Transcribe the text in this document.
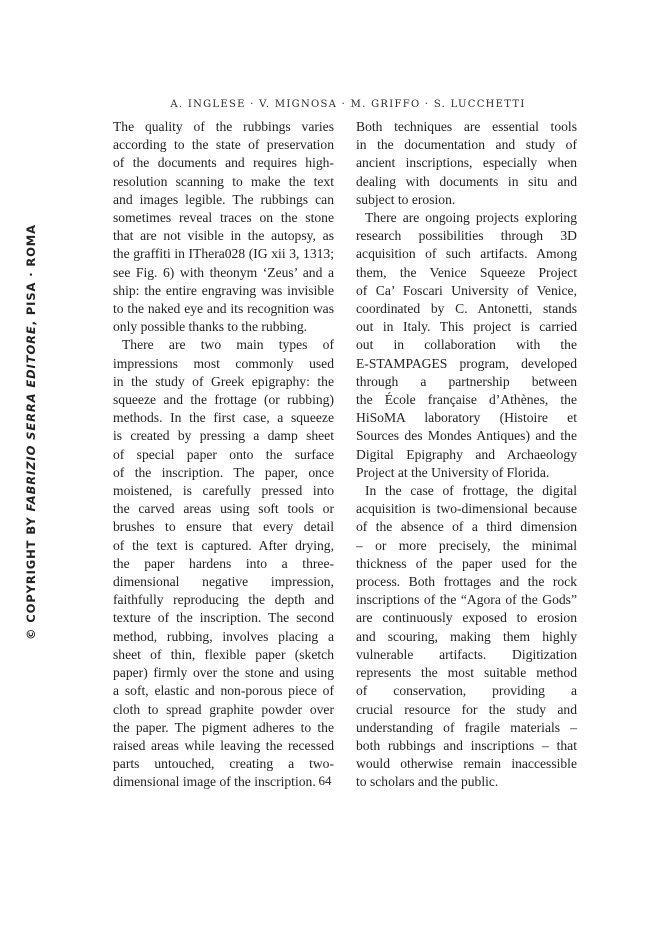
© COPYRIGHT BY FABRIZIO SERRA EDITORE, PISA · ROMA
A. INGLESE · V. MIGNOSA · M. GRIFFO · S. LUCCHETTI
The quality of the rubbings varies
according to the state of preservation
of the documents and requires high-
resolution scanning to make the text
and images legible. The rubbings can
sometimes reveal traces on the stone
that are not visible in the autopsy, as
the graffiti in IThera028 (IG xii 3, 1313;
see Fig. 6) with theonym ‘Zeus’ and a
ship: the entire engraving was invisible
to the naked eye and its recognition was
only possible thanks to the rubbing.
There are two main types of
impressions most commonly used
in the study of Greek epigraphy: the
squeeze and the frottage (or rubbing)
methods. In the first case, a squeeze
is created by pressing a damp sheet
of special paper onto the surface
of the inscription. The paper, once
moistened, is carefully pressed into
the carved areas using soft tools or
brushes to ensure that every detail
of the text is captured. After drying,
the paper hardens into a three-
dimensional negative impression,
faithfully reproducing the depth and
texture of the inscription. The second
method, rubbing, involves placing a
sheet of thin, flexible paper (sketch
paper) firmly over the stone and using
a soft, elastic and non-porous piece of
cloth to spread graphite powder over
the paper. The pigment adheres to the
raised areas while leaving the recessed
parts untouched, creating a two-
dimensional image of the inscription.
Both techniques are essential tools
in the documentation and study of
ancient inscriptions, especially when
dealing with documents in situ and
subject to erosion.
There are ongoing projects exploring
research possibilities through 3D
acquisition of such artifacts. Among
them, the Venice Squeeze Project
of Ca’ Foscari University of Venice,
coordinated by C. Antonetti, stands
out in Italy. This project is carried
out in collaboration with the
E-STAMPAGES program, developed
through a partnership between
the École française d’Athènes, the
HiSoMA laboratory (Histoire et
Sources des Mondes Antiques) and the
Digital Epigraphy and Archaeology
Project at the University of Florida.
In the case of frottage, the digital
acquisition is two-dimensional because
of the absence of a third dimension
– or more precisely, the minimal
thickness of the paper used for the
process. Both frottages and the rock
inscriptions of the “Agora of the Gods”
are continuously exposed to erosion
and scouring, making them highly
vulnerable artifacts. Digitization
represents the most suitable method
of conservation, providing a
crucial resource for the study and
understanding of fragile materials –
both rubbings and inscriptions – that
would otherwise remain inaccessible
to scholars and the public.
64
